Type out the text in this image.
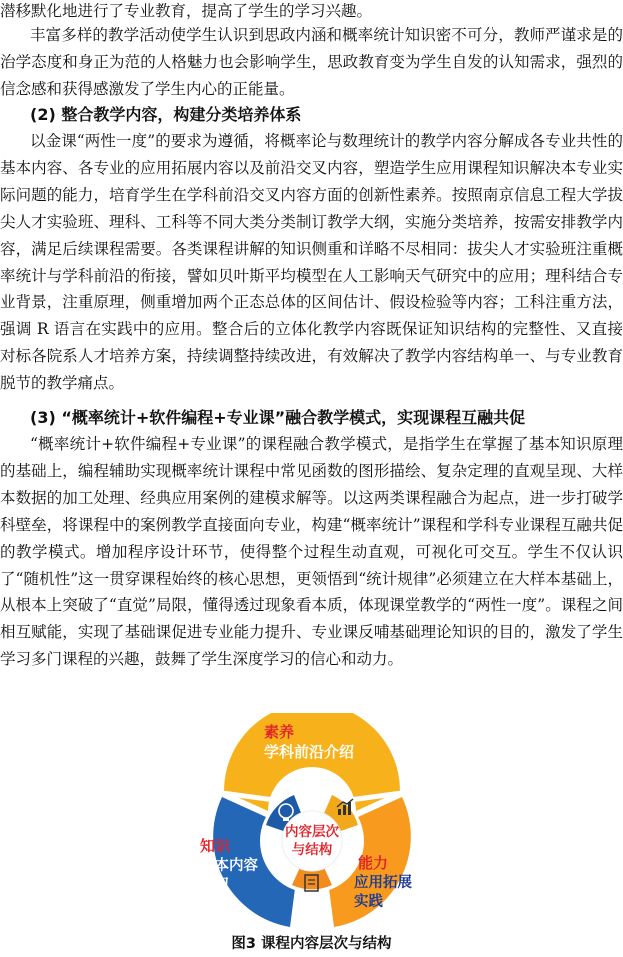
潜移默化地进行了专业教育，提高了学生的学习兴趣。

丰富多样的教学活动使学生认识到思政内涵和概率统计知识密不可分，教师严谨求是的治学态度和身正为范的人格魅力也会影响学生，思政教育变为学生自发的认知需求，强烈的信念感和获得感激发了学生内心的正能量。

(2) 整合教学内容，构建分类培养体系

以金课“两性一度”的要求为遵循，将概率论与数理统计的教学内容分解成各专业共性的基本内容、各专业的应用拓展内容以及前沿交叉内容，塑造学生应用课程知识解决本专业实际问题的能力，培育学生在学科前沿交叉内容方面的创新性素养。按照南京信息工程大学拔尖人才实验班、理科、工科等不同大类分类制订教学大纲，实施分类培养，按需安排教学内容，满足后续课程需要。各类课程讲解的知识侧重和详略不尽相同：拔尖人才实验班注重概率统计与学科前沿的衔接，譬如贝叶斯平均模型在人工影响天气研究中的应用；理科结合专业背景，注重原理，侧重增加两个正态总体的区间估计、假设检验等内容；工科注重方法，强调 R 语言在实践中的应用。整合后的立体化教学内容既保证知识结构的完整性、又直接对标各院系人才培养方案，持续调整持续改进，有效解决了教学内容结构单一、与专业教育脱节的教学痛点。

(3) “概率统计+软件编程+专业课”融合教学模式，实现课程互融共促

“概率统计+软件编程+专业课”的课程融合教学模式，是指学生在掌握了基本知识原理的基础上，编程辅助实现概率统计课程中常见函数的图形描绘、复杂定理的直观呈现、大样本数据的加工处理、经典应用案例的建模求解等。以这两类课程融合为起点，进一步打破学科壁垒，将课程中的案例教学直接面向专业，构建“概率统计”课程和学科专业课程互融共促的教学模式。增加程序设计环节，使得整个过程生动直观，可视化可交互。学生不仅认识了“随机性”这一贯穿课程始终的核心思想，更领悟到“统计规律”必须建立在大样本基础上，从根本上突破了“直觉”局限，懂得透过现象看本质，体现课堂教学的“两性一度”。课程之间相互赋能，实现了基础课促进专业能力提升、专业课反哺基础理论知识的目的，激发了学生学习多门课程的兴趣，鼓舞了学生深度学习的信心和动力。

素养
学科前沿介绍
知识
基本内容
学习
能力
应用拓展
实践
内容层次
与结构
图3 课程内容层次与结构
